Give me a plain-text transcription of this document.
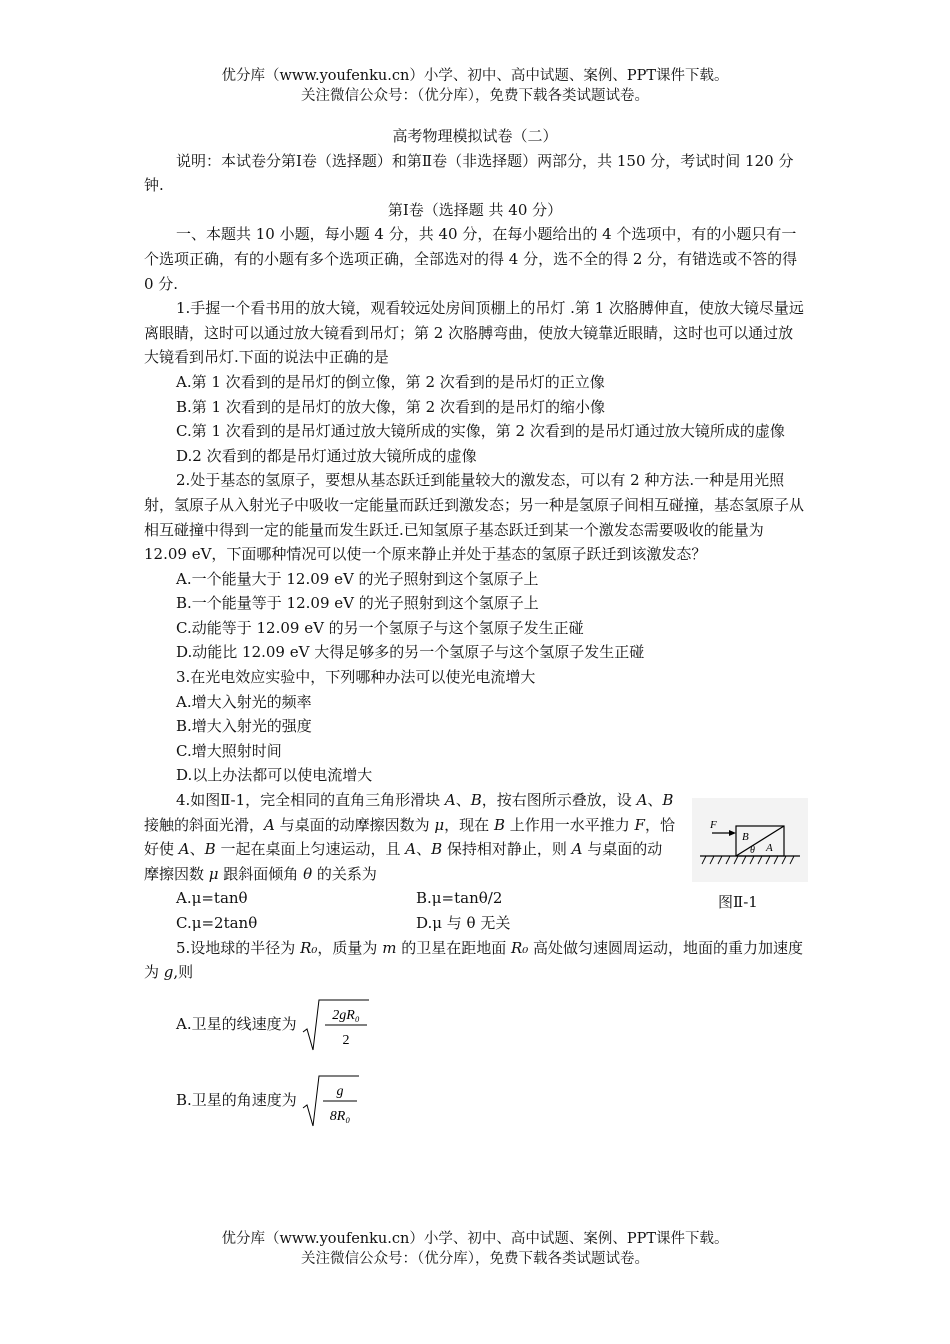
优分库（www.youfenku.cn）小学、初中、高中试题、案例、PPT课件下载。
关注微信公众号：（优分库），免费下载各类试题试卷。

高考物理模拟试卷（二）

说明：本试卷分第Ⅰ卷（选择题）和第Ⅱ卷（非选择题）两部分，共 150 分，考试时间 120 分钟.

第Ⅰ卷（选择题 共 40 分）

一、本题共 10 小题，每小题 4 分，共 40 分，在每小题给出的 4 个选项中，有的小题只有一个选项正确，有的小题有多个选项正确，全部选对的得 4 分，选不全的得 2 分，有错选或不答的得 0 分.

1.手握一个看书用的放大镜，观看较远处房间顶棚上的吊灯 .第 1 次胳膊伸直，使放大镜尽量远离眼睛，这时可以通过放大镜看到吊灯；第 2 次胳膊弯曲，使放大镜靠近眼睛，这时也可以通过放大镜看到吊灯.下面的说法中正确的是

A.第 1 次看到的是吊灯的倒立像，第 2 次看到的是吊灯的正立像

B.第 1 次看到的是吊灯的放大像，第 2 次看到的是吊灯的缩小像

C.第 1 次看到的是吊灯通过放大镜所成的实像，第 2 次看到的是吊灯通过放大镜所成的虚像

D.2 次看到的都是吊灯通过放大镜所成的虚像

2.处于基态的氢原子，要想从基态跃迁到能量较大的激发态，可以有 2 种方法.一种是用光照射，氢原子从入射光子中吸收一定能量而跃迁到激发态；另一种是氢原子间相互碰撞，基态氢原子从相互碰撞中得到一定的能量而发生跃迁.已知氢原子基态跃迁到某一个激发态需要吸收的能量为 12.09 eV，下面哪种情况可以使一个原来静止并处于基态的氢原子跃迁到该激发态？

A.一个能量大于 12.09 eV 的光子照射到这个氢原子上

B.一个能量等于 12.09 eV 的光子照射到这个氢原子上

C.动能等于 12.09 eV 的另一个氢原子与这个氢原子发生正碰

D.动能比 12.09 eV 大得足够多的另一个氢原子与这个氢原子发生正碰

3.在光电效应实验中，下列哪种办法可以使光电流增大

A.增大入射光的频率

B.增大入射光的强度

C.增大照射时间

D.以上办法都可以使电流增大

4.如图Ⅱ-1，完全相同的直角三角形滑块 A、B，按右图所示叠放，设 A、B 接触的斜面光滑，A 与桌面的动摩擦因数为 μ，现在 B 上作用一水平推力 F，恰好使 A、B 一起在桌面上匀速运动，且 A、B 保持相对静止，则 A 与桌面的动摩擦因数 μ 跟斜面倾角 θ 的关系为

F
B
A
θ
图Ⅱ-1
A.μ=tanθ	B.μ=tanθ/2
C.μ=2tanθ	D.μ 与 θ 无关

5.设地球的半径为 R₀，质量为 m 的卫星在距地面 R₀ 高处做匀速圆周运动，地面的重力加速度为 g,则

A.卫星的线速度为
2gR₀
2
B.卫星的角速度为
g
8R₀
优分库（www.youfenku.cn）小学、初中、高中试题、案例、PPT课件下载。
关注微信公众号：（优分库），免费下载各类试题试卷。
